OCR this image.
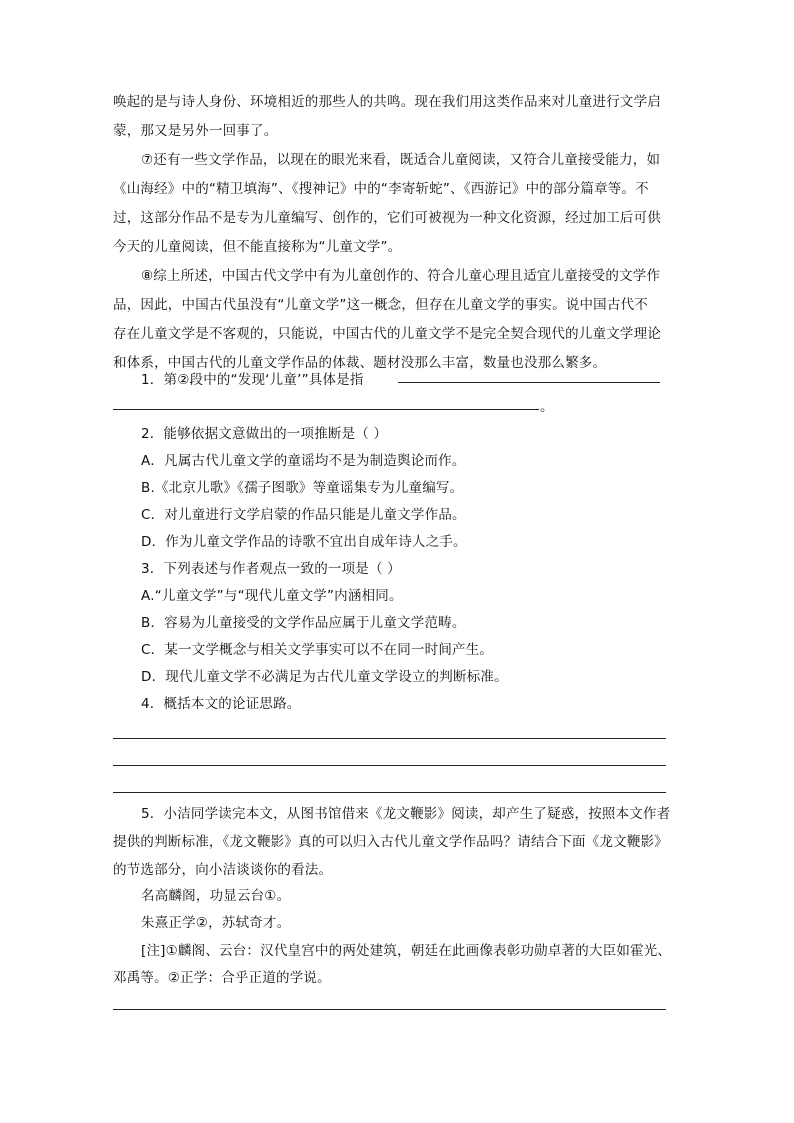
唤起的是与诗人身份、环境相近的那些人的共鸣。现在我们用这类作品来对儿童进行文学启
蒙，那又是另外一回事了。
⑦还有一些文学作品，以现在的眼光来看，既适合儿童阅读，又符合儿童接受能力，如
《山海经》中的“精卫填海”、《搜神记》中的“李寄斩蛇”、《西游记》中的部分篇章等。不
过，这部分作品不是专为儿童编写、创作的，它们可被视为一种文化资源，经过加工后可供
今天的儿童阅读，但不能直接称为“儿童文学”。
⑧综上所述，中国古代文学中有为儿童创作的、符合儿童心理且适宜儿童接受的文学作
品，因此，中国古代虽没有“儿童文学”这一概念，但存在儿童文学的事实。说中国古代不
存在儿童文学是不客观的，只能说，中国古代的儿童文学不是完全契合现代的儿童文学理论
和体系，中国古代的儿童文学作品的体裁、题材没那么丰富，数量也没那么繁多。
1．第②段中的“发现‘儿童’”具体是指
。
2．能够依据文意做出的一项推断是（ ）
A．凡属古代儿童文学的童谣均不是为制造舆论而作。
B.《北京儿歌》《孺子图歌》等童谣集专为儿童编写。
C．对儿童进行文学启蒙的作品只能是儿童文学作品。
D．作为儿童文学作品的诗歌不宜出自成年诗人之手。
3．下列表述与作者观点一致的一项是（ ）
A.“儿童文学”与“现代儿童文学”内涵相同。
B．容易为儿童接受的文学作品应属于儿童文学范畴。
C．某一文学概念与相关文学事实可以不在同一时间产生。
D．现代儿童文学不必满足为古代儿童文学设立的判断标准。
4．概括本文的论证思路。
5．小洁同学读完本文，从图书馆借来《龙文鞭影》阅读，却产生了疑惑，按照本文作者
提供的判断标准，《龙文鞭影》真的可以归入古代儿童文学作品吗？请结合下面《龙文鞭影》
的节选部分，向小洁谈谈你的看法。
名高麟阁，功显云台①。
朱熹正学②，苏轼奇才。
[注]①麟阁、云台：汉代皇宫中的两处建筑，朝廷在此画像表彰功勋卓著的大臣如霍光、
邓禹等。②正学：合乎正道的学说。
